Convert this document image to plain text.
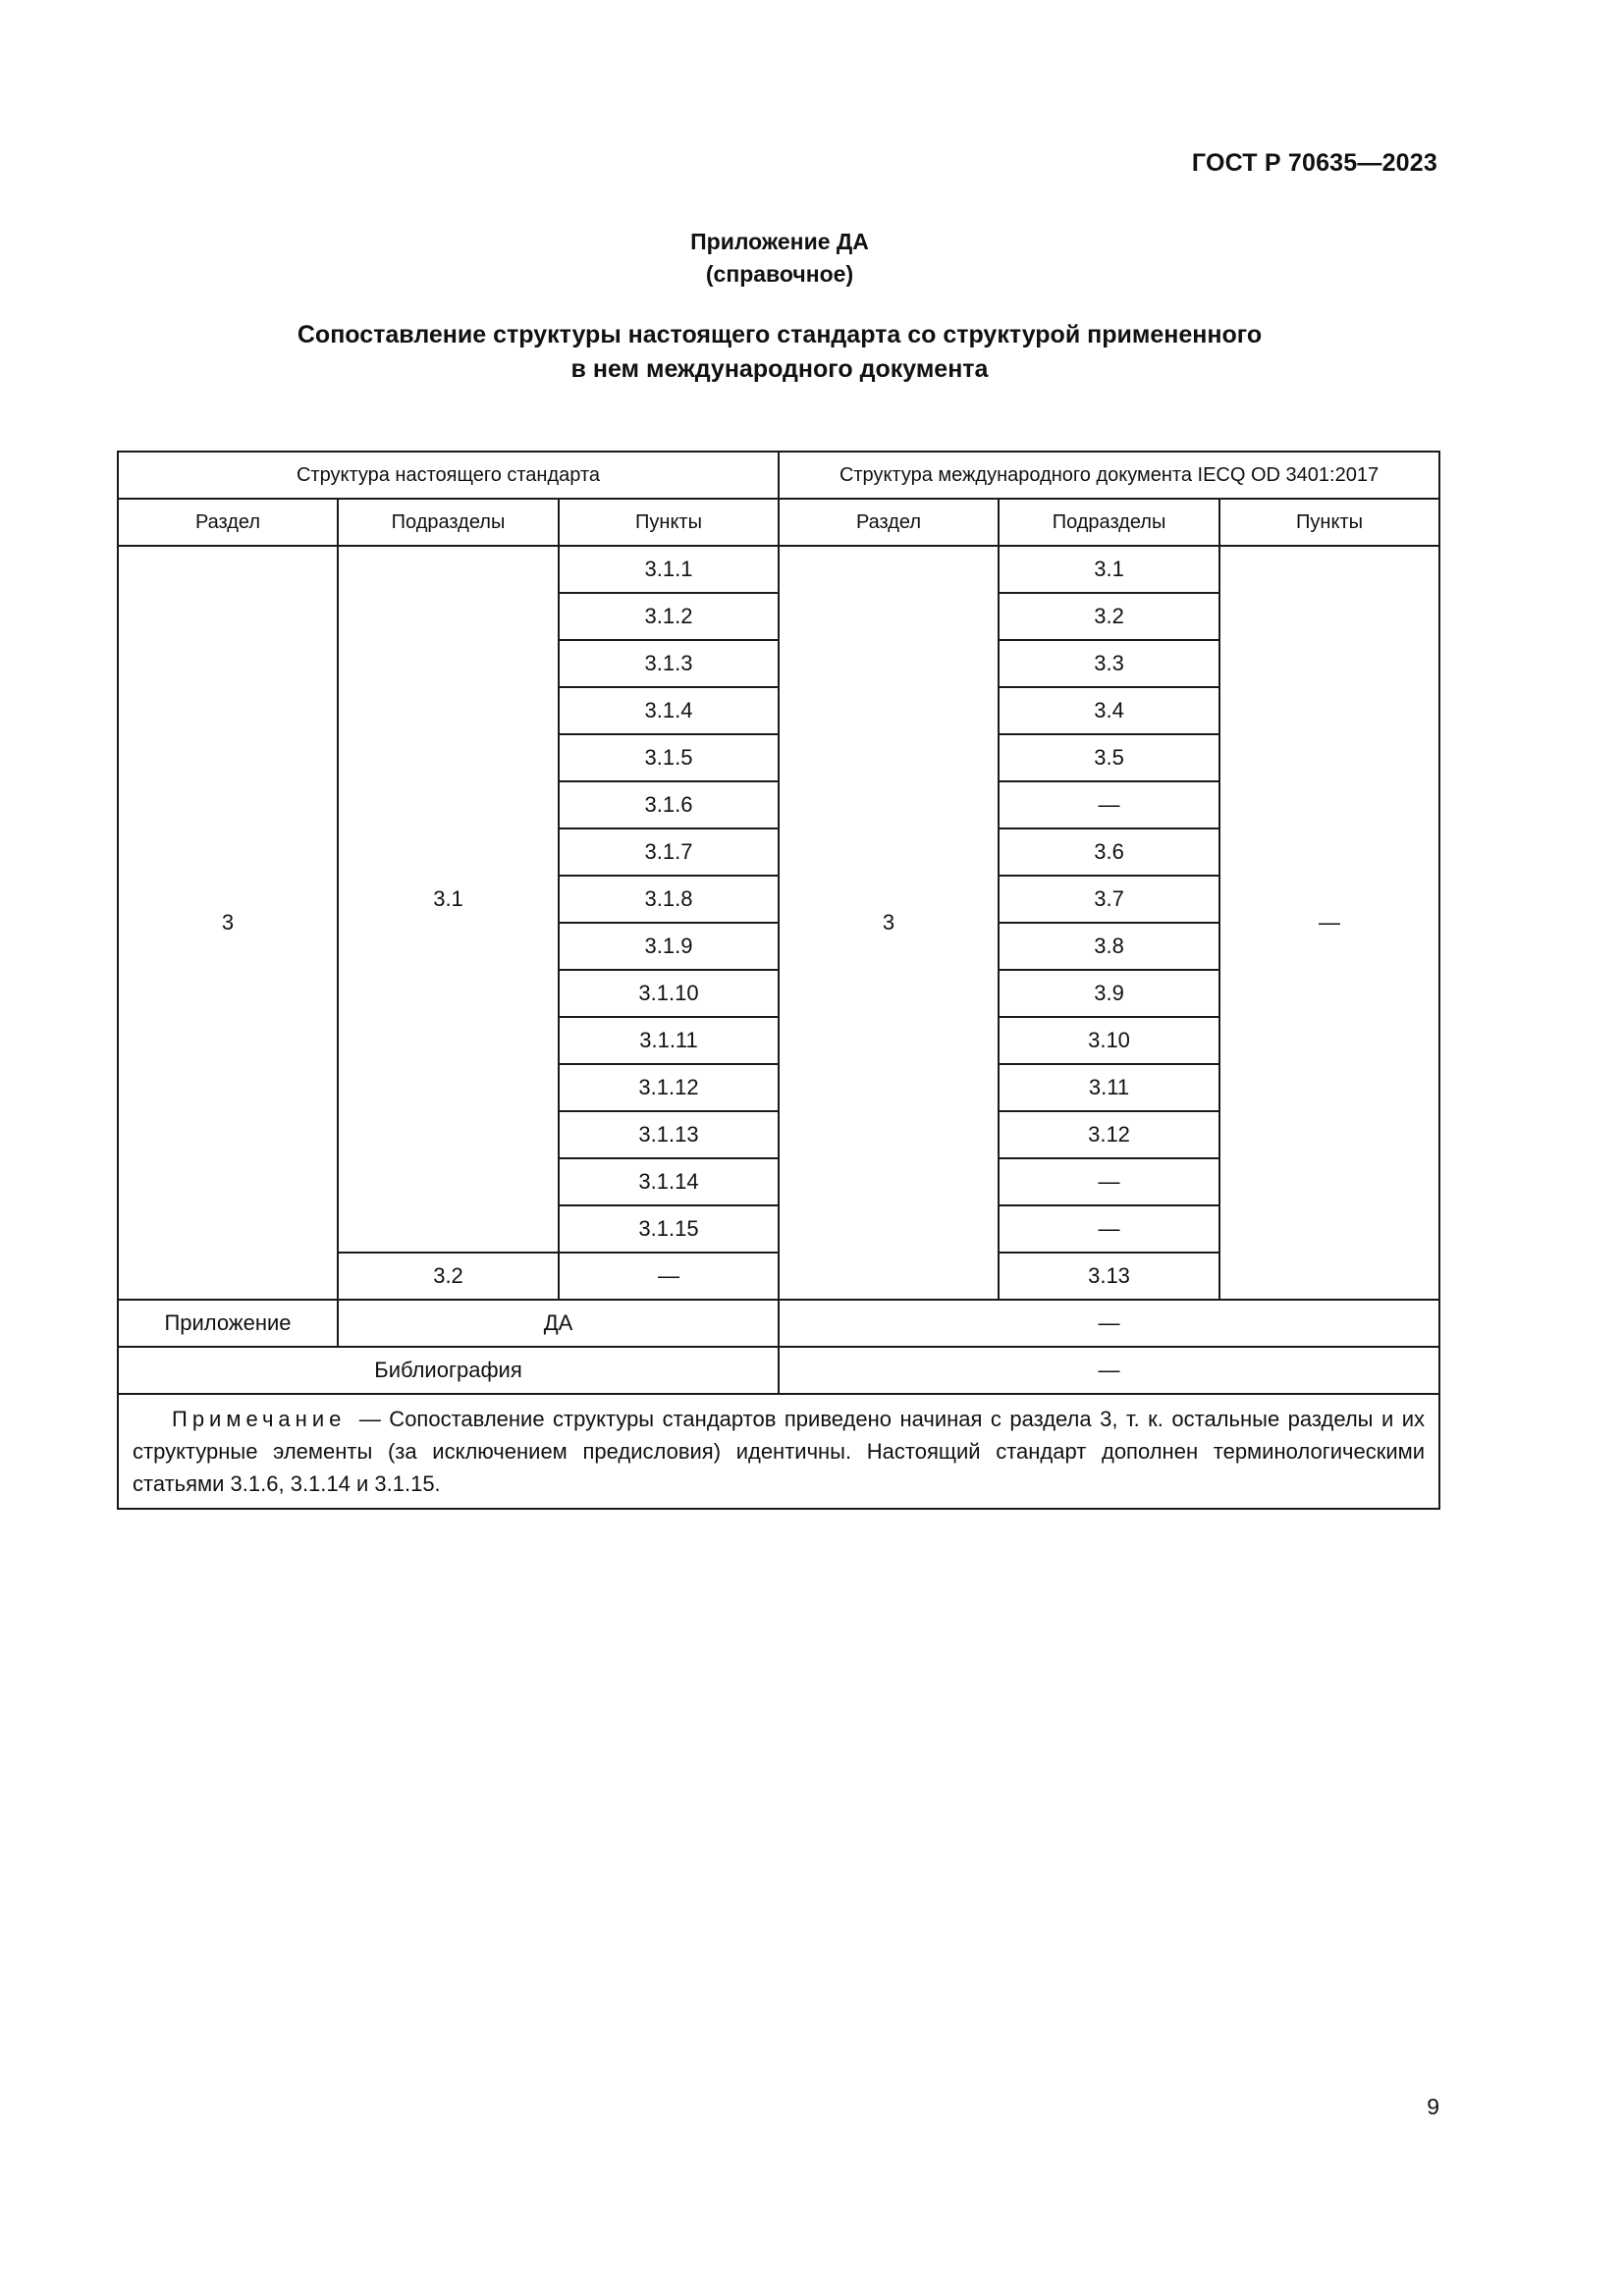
ГОСТ Р 70635—2023
Приложение ДА
(справочное)
Сопоставление структуры настоящего стандарта со структурой примененного
в нем международного документа
Структура настоящего стандарта			Структура международного документа IECQ OD 3401:2017		
Раздел	Подразделы	Пункты	Раздел	Подразделы	Пункты
3	3.1	3.1.1	3	3.1	—
		3.1.2		3.2	
		3.1.3		3.3	
		3.1.4		3.4	
		3.1.5		3.5	
		3.1.6		—	
		3.1.7		3.6	
		3.1.8		3.7	
		3.1.9		3.8	
		3.1.10		3.9	
		3.1.11		3.10	
		3.1.12		3.11	
		3.1.13		3.12	
		3.1.14		—	
		3.1.15		—	
	3.2	—		3.13	
Приложение	ДА		—		
Библиография			—		
Примечание — Сопоставление структуры стандартов приведено начиная с раздела 3, т. к. остальные разделы и их структурные элементы (за исключением предисловия) идентичны. Настоящий стандарт дополнен терминологическими статьями 3.1.6, 3.1.14 и 3.1.15.					
9
